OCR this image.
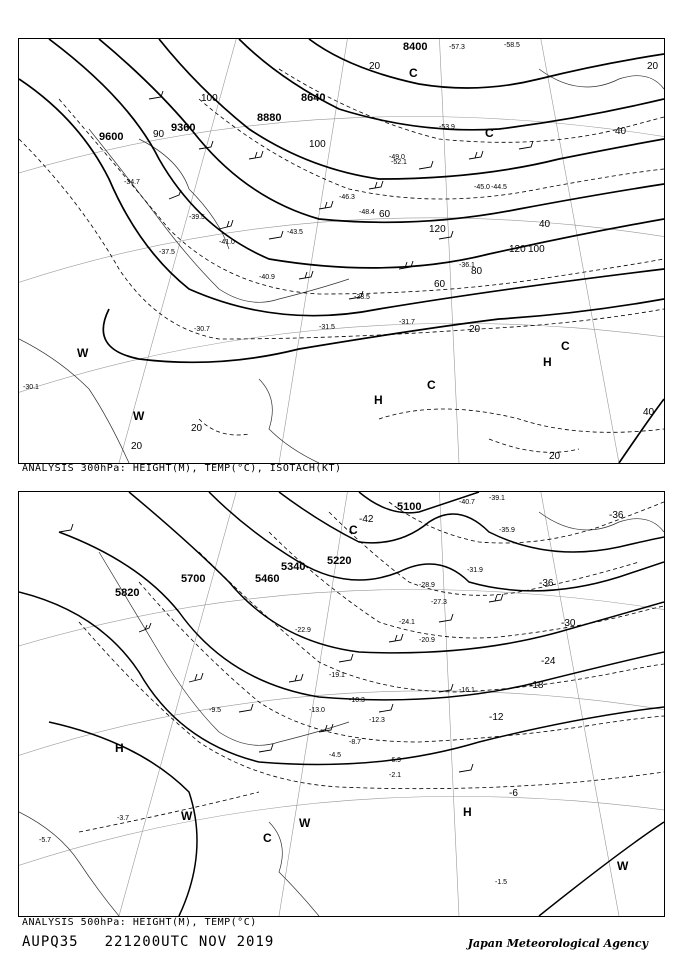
9600
9360
8880
8640
8400
100
120
80
60
40
20
90
100
120 100
60
40
20
20
20
40
20
20
H
C
W
W
C
C
H
C
-34.7
-37.5
-41.0
-43.5
-46.3
-49.0
-52.1
-53.9
-57.3	-58.5
-31.5
-30.7
-31.7
-33.5
-36.1
-45.0 -44.5
-48.4
-30.1
-39.5
-40.9
ANALYSIS 300hPa: HEIGHT(M), TEMP(°C), ISOTACH(KT)
5820
5700	5460
5340 5220
5100
-42	-36
-30
-24
-18
-12
-6
-36
H
H
W	W
W
C
C
-39.1
-40.7
-35.9
-31.9
-27.3
-24.1
-20.9
-16.1
-13.0
-10.3
-8.7
-6.9
-4.5
-2.1
-1.5
-3.7
-5.7
-9.5
-12.3
-19.1
-22.9
-28.9
ANALYSIS 500hPa: HEIGHT(M), TEMP(°C)
AUPQ35 221200UTC NOV 2019	Japan Meteorological Agency
